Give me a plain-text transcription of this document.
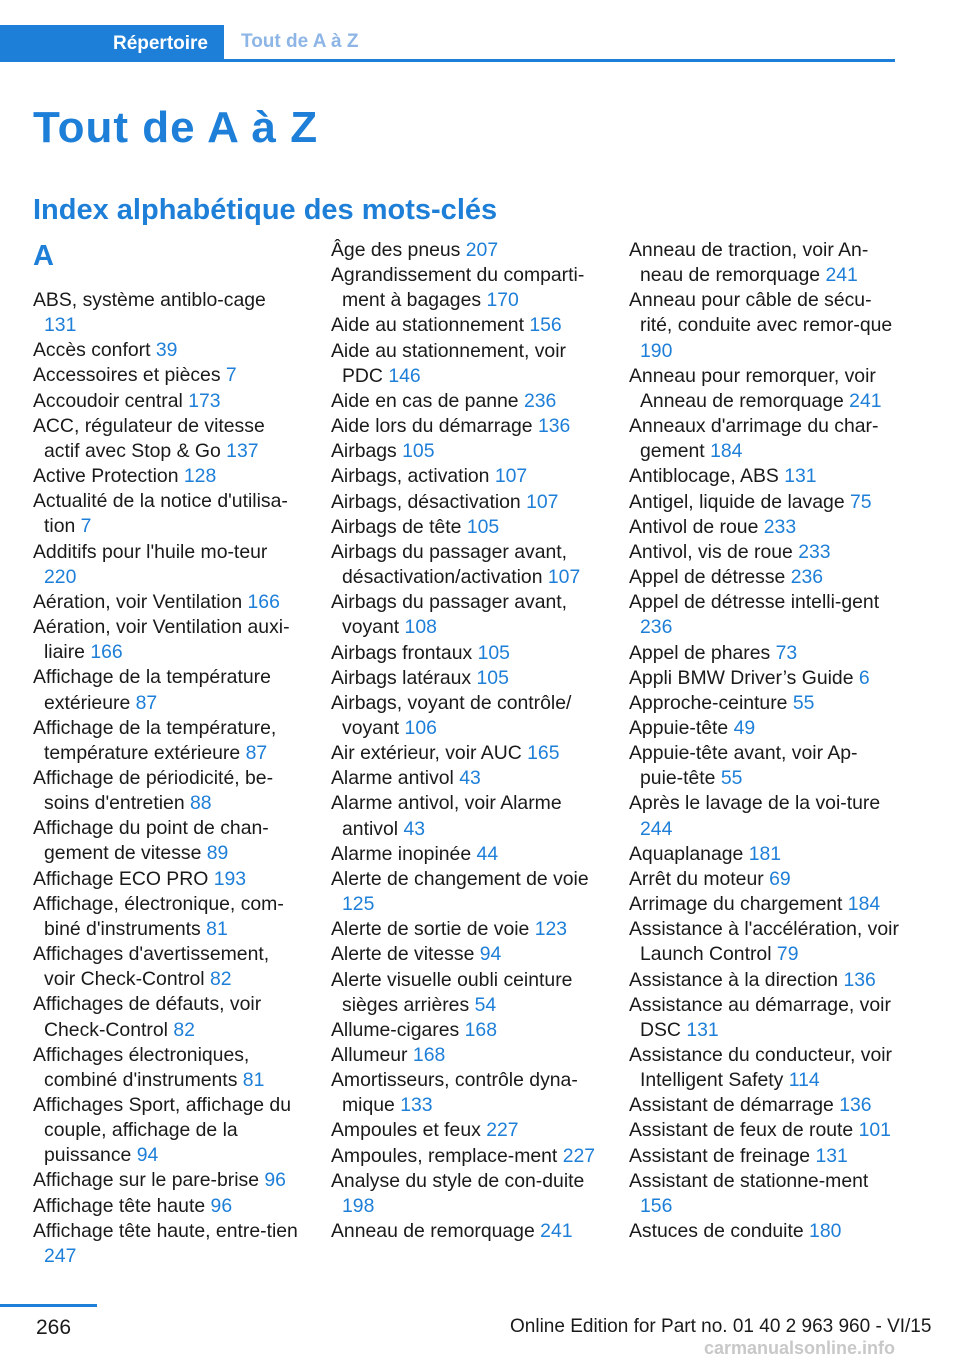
Répertoire	Tout de A à Z
Tout de A à Z
Index alphabétique des mots-clés
A

ABS, système antiblo‐cage 131

Accès confort 39

Accessoires et pièces 7

Accoudoir central 173

ACC, régulateur de vitesse actif avec Stop & Go 137

Active Protection 128

Actualité de la notice d'utilisa‐tion 7

Additifs pour l'huile mo‐teur 220

Aération, voir Ventilation 166

Aération, voir Ventilation auxi‐liaire 166

Affichage de la température extérieure 87

Affichage de la température, température extérieure 87

Affichage de périodicité, be‐soins d'entretien 88

Affichage du point de chan‐gement de vitesse 89

Affichage ECO PRO 193

Affichage, électronique, com‐biné d'instruments 81

Affichages d'avertissement, voir Check-Control 82

Affichages de défauts, voir Check-Control 82

Affichages électroniques, combiné d'instruments 81

Affichages Sport, affichage du couple, affichage de la puissance 94

Affichage sur le pare-brise 96

Affichage tête haute 96

Affichage tête haute, entre‐tien 247

Âge des pneus 207

Agrandissement du comparti‐ment à bagages 170

Aide au stationnement 156

Aide au stationnement, voir PDC 146

Aide en cas de panne 236

Aide lors du démarrage 136

Airbags 105

Airbags, activation 107

Airbags, désactivation 107

Airbags de tête 105

Airbags du passager avant, désactivation/activation 107

Airbags du passager avant, voyant 108

Airbags frontaux 105

Airbags latéraux 105

Airbags, voyant de contrôle/ voyant 106

Air extérieur, voir AUC 165

Alarme antivol 43

Alarme antivol, voir Alarme antivol 43

Alarme inopinée 44

Alerte de changement de voie 125

Alerte de sortie de voie 123

Alerte de vitesse 94

Alerte visuelle oubli ceinture sièges arrières 54

Allume-cigares 168

Allumeur 168

Amortisseurs, contrôle dyna‐mique 133

Ampoules et feux 227

Ampoules, remplace‐ment 227

Analyse du style de con‐duite 198

Anneau de remorquage 241

Anneau de traction, voir An‐neau de remorquage 241

Anneau pour câble de sécu‐rité, conduite avec remor‐que 190

Anneau pour remorquer, voir Anneau de remorquage 241

Anneaux d'arrimage du char‐gement 184

Antiblocage, ABS 131

Antigel, liquide de lavage 75

Antivol de roue 233

Antivol, vis de roue 233

Appel de détresse 236

Appel de détresse intelli‐gent 236

Appel de phares 73

Appli BMW Driver’s Guide 6

Approche-ceinture 55

Appuie-tête 49

Appuie-tête avant, voir Ap‐puie-tête 55

Après le lavage de la voi‐ture 244

Aquaplanage 181

Arrêt du moteur 69

Arrimage du chargement 184

Assistance à l'accélération, voir Launch Control 79

Assistance à la direction 136

Assistance au démarrage, voir DSC 131

Assistance du conducteur, voir Intelligent Safety 114

Assistant de démarrage 136

Assistant de feux de route 101

Assistant de freinage 131

Assistant de stationne‐ment 156

Astuces de conduite 180

266	Online Edition for Part no. 01 40 2 963 960 - VI/15
carmanualsonline.info
